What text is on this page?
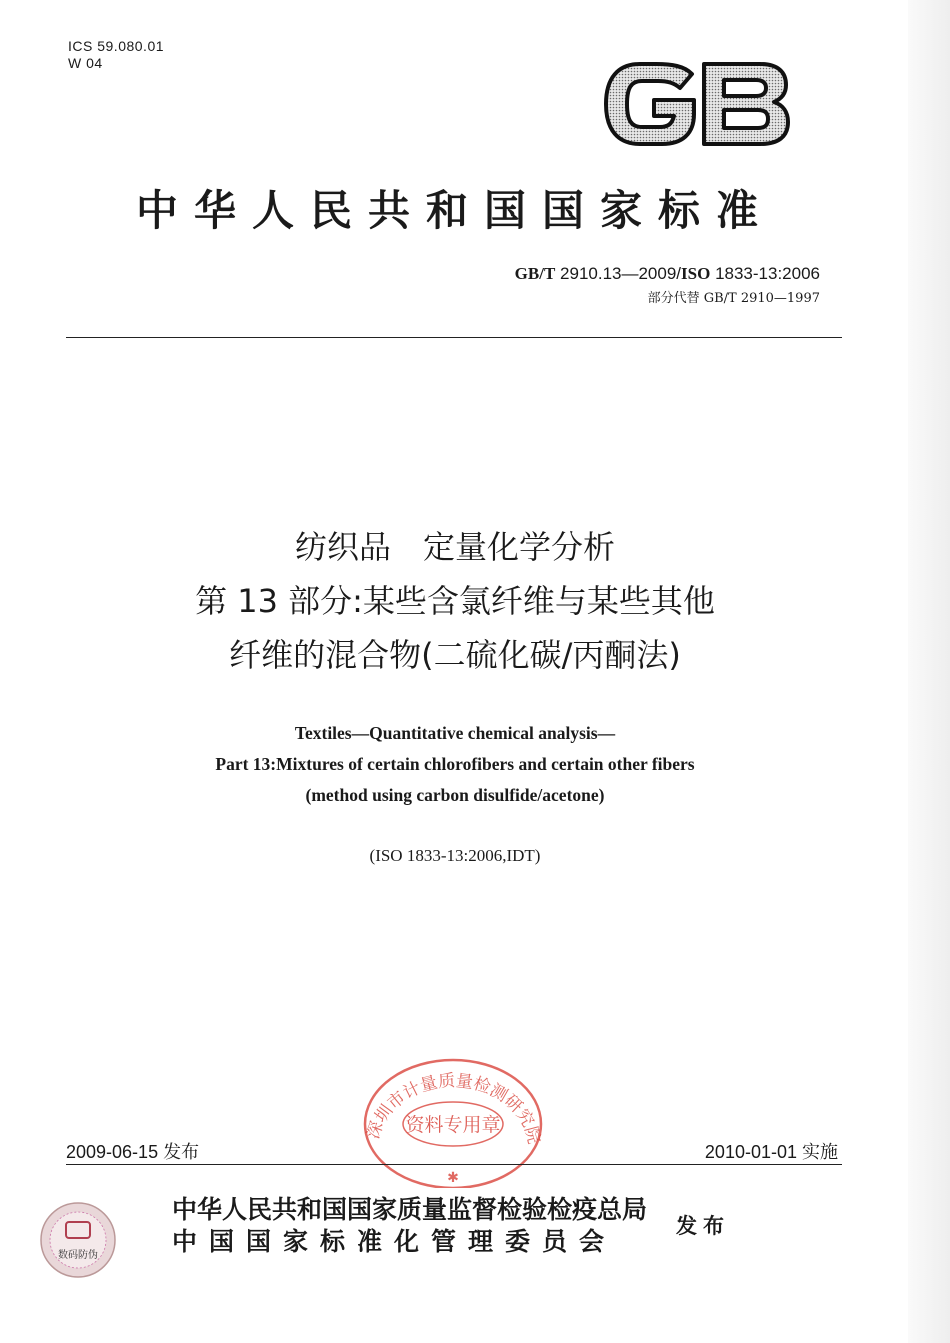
ICS 59.080.01
W 04
GB
中华人民共和国国家标准
GB/T 2910.13—2009/ISO 1833-13:2006
部分代替 GB/T 2910—1997
纺织品　定量化学分析
第 13 部分:某些含氯纤维与某些其他
纤维的混合物(二硫化碳/丙酮法)
Textiles—Quantitative chemical analysis—
Part 13:Mixtures of certain chlorofibers and certain other fibers
(method using carbon disulfide/acetone)
(ISO 1833-13:2006,IDT)
深圳市计量质量检测研究院
资料专用章
✱
2009-06-15 发布	2010-01-01 实施
数码防伪
中华人民共和国国家质量监督检验检疫总局
中国国家标准化管理委员会
发布
